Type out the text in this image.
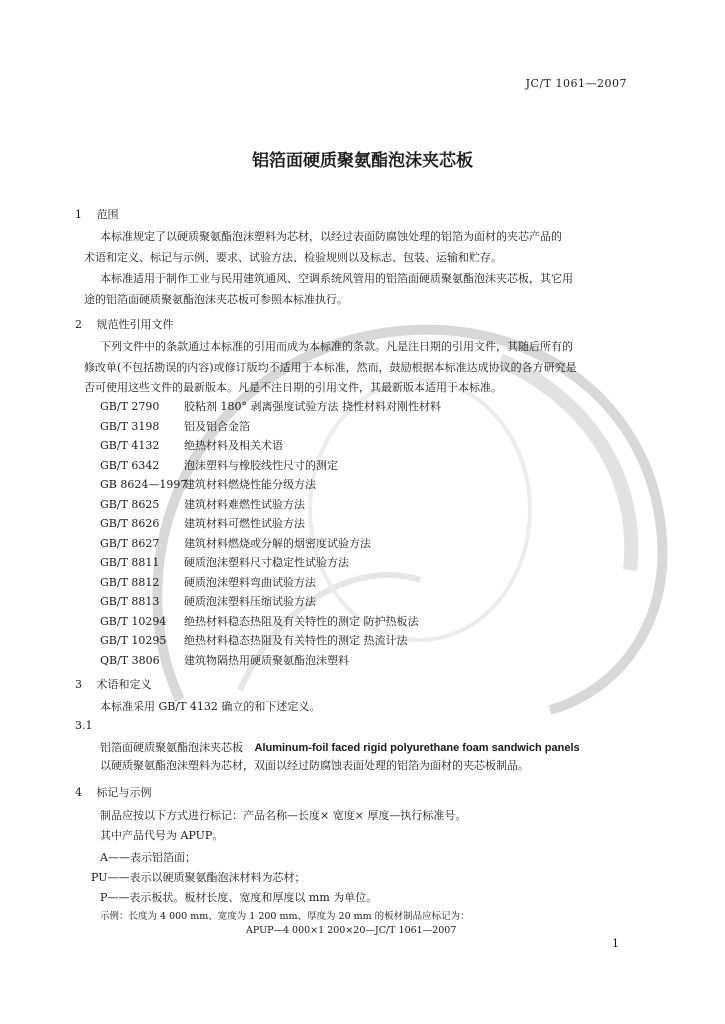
JC/T 1061—2007
铝箔面硬质聚氨酯泡沫夹芯板
1 范围
本标准规定了以硬质聚氨酯泡沫塑料为芯材，以经过表面防腐蚀处理的铝箔为面材的夹芯产品的
术语和定义、标记与示例、要求、试验方法、检验规则以及标志、包装、运输和贮存。
本标准适用于制作工业与民用建筑通风、空调系统风管用的铝箔面硬质聚氨酯泡沫夹芯板，其它用
途的铝箔面硬质聚氨酯泡沫夹芯板可参照本标准执行。
2 规范性引用文件
下列文件中的条款通过本标准的引用而成为本标准的条款。凡是注日期的引用文件，其随后所有的
修改单(不包括勘误的内容)或修订版均不适用于本标准，然而，鼓励根据本标准达成协议的各方研究是
否可使用这些文件的最新版本。凡是不注日期的引用文件，其最新版本适用于本标准。
GB/T 2790 胶粘剂 180° 剥离强度试验方法 挠性材料对刚性材料
GB/T 3198 铝及铝合金箔
GB/T 4132 绝热材料及相关术语
GB/T 6342 泡沫塑料与橡胶线性尺寸的测定
GB 8624—1997建筑材料燃烧性能分级方法
GB/T 8625 建筑材料难燃性试验方法
GB/T 8626 建筑材料可燃性试验方法
GB/T 8627 建筑材料燃烧或分解的烟密度试验方法
GB/T 8811 硬质泡沫塑料尺寸稳定性试验方法
GB/T 8812 硬质泡沫塑料弯曲试验方法
GB/T 8813 硬质泡沫塑料压缩试验方法
GB/T 10294 绝热材料稳态热阻及有关特性的测定 防护热板法
GB/T 10295 绝热材料稳态热阻及有关特性的测定 热流计法
QB/T 3806 建筑物隔热用硬质聚氨酯泡沫塑料
3 术语和定义
本标准采用 GB/T 4132 确立的和下述定义。
3.1
铝箔面硬质聚氨酯泡沫夹芯板 Aluminum-foil faced rigid polyurethane foam sandwich panels
以硬质聚氨酯泡沫塑料为芯材，双面以经过防腐蚀表面处理的铝箔为面材的夹芯板制品。
4 标记与示例
制品应按以下方式进行标记：产品名称—长度× 宽度× 厚度—执行标准号。
其中产品代号为 APUP。
A——表示铝箔面；
PU——表示以硬质聚氨酯泡沫材料为芯材；
P——表示板状。板材长度、宽度和厚度以 mm 为单位。
示例：长度为 4 000 mm、宽度为 1 200 mm、厚度为 20 mm 的板材制品应标记为：
APUP—4 000×1 200×20—JC/T 1061—2007
1
